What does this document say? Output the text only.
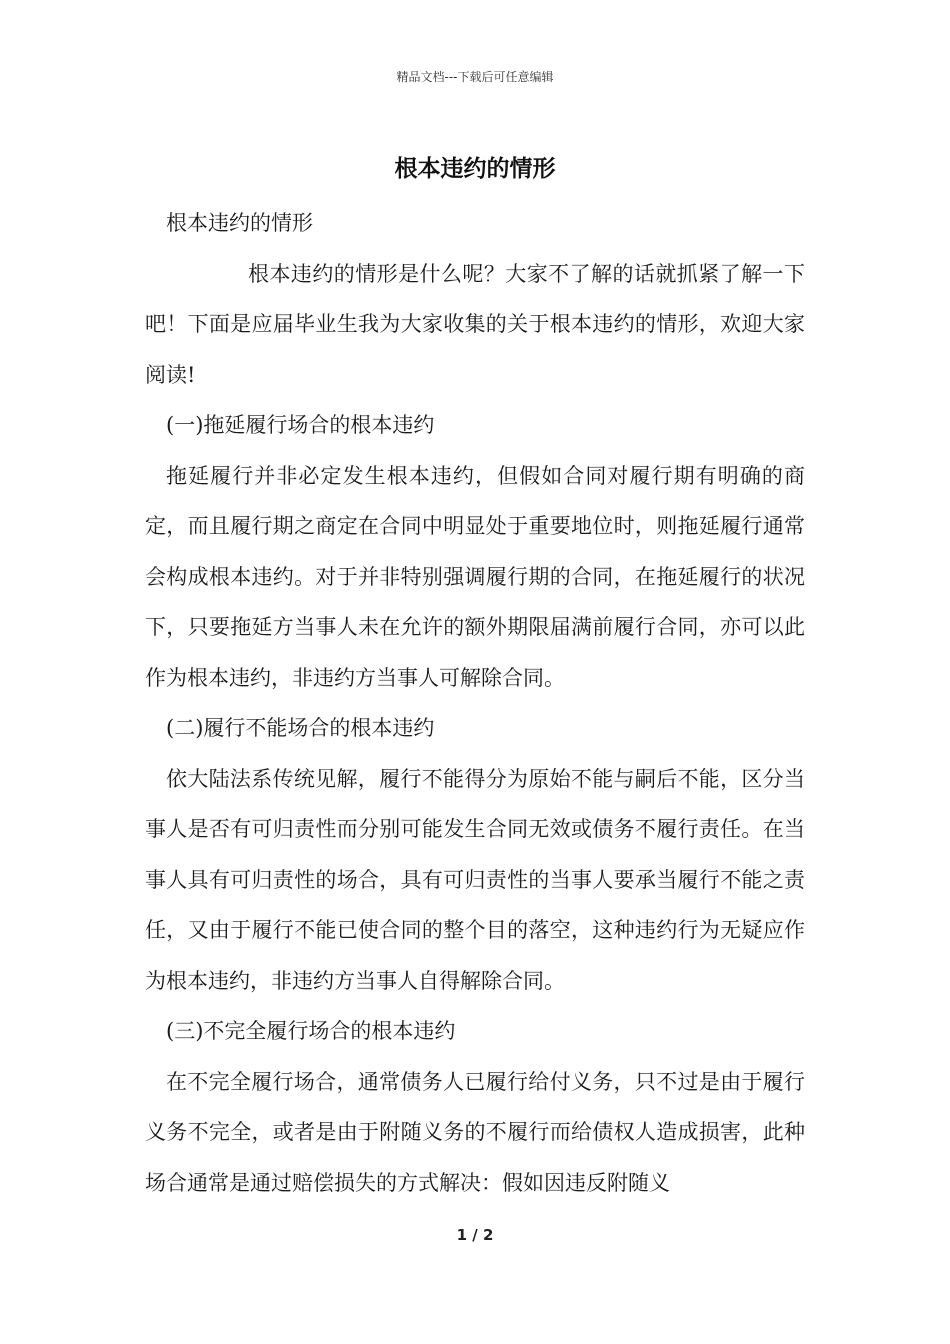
精品文档---下载后可任意编辑
根本违约的情形

根本违约的情形

根本违约的情形是什么呢？大家不了解的话就抓紧了解一下吧！下面是应届毕业生我为大家收集的关于根本违约的情形，欢迎大家阅读!

(一)拖延履行场合的根本违约

拖延履行并非必定发生根本违约，但假如合同对履行期有明确的商定，而且履行期之商定在合同中明显处于重要地位时，则拖延履行通常会构成根本违约。对于并非特别强调履行期的合同，在拖延履行的状况下，只要拖延方当事人未在允许的额外期限届满前履行合同，亦可以此作为根本违约，非违约方当事人可解除合同。

(二)履行不能场合的根本违约

依大陆法系传统见解，履行不能得分为原始不能与嗣后不能，区分当事人是否有可归责性而分别可能发生合同无效或债务不履行责任。在当事人具有可归责性的场合，具有可归责性的当事人要承当履行不能之责任，又由于履行不能已使合同的整个目的落空，这种违约行为无疑应作为根本违约，非违约方当事人自得解除合同。

(三)不完全履行场合的根本违约

在不完全履行场合，通常债务人已履行给付义务，只不过是由于履行义务不完全，或者是由于附随义务的不履行而给债权人造成损害，此种场合通常是通过赔偿损失的方式解决：假如因违反附随义

1 / 2
